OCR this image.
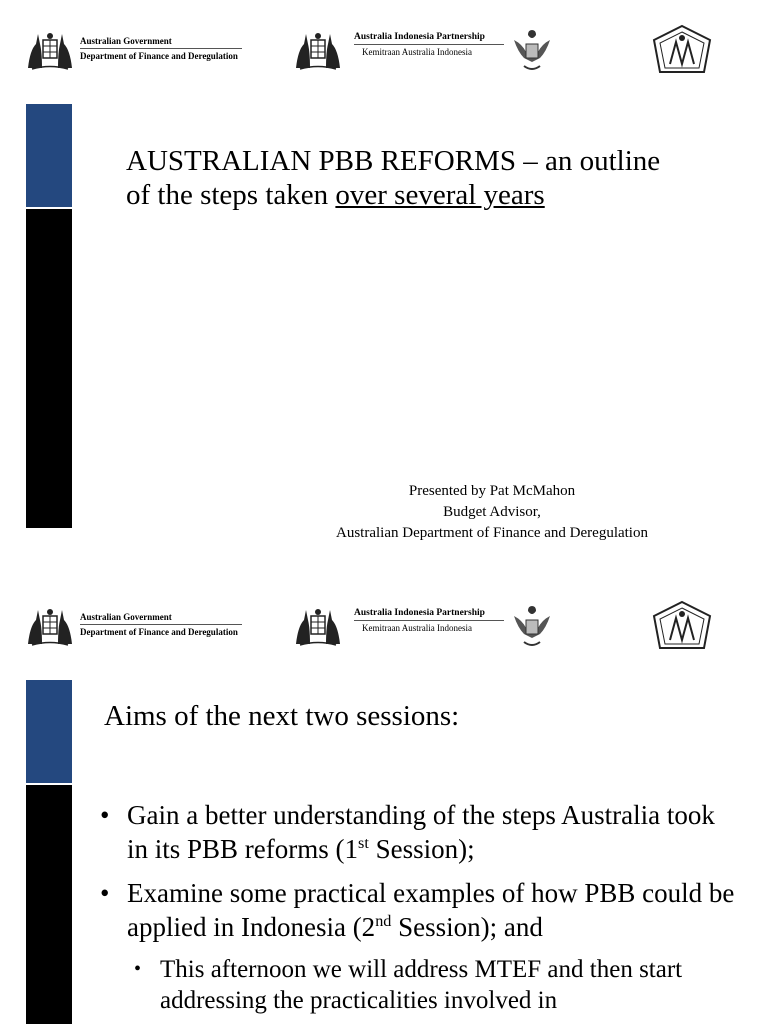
Australian Government
Department of Finance and Deregulation
Australia Indonesia Partnership
Kemitraan Australia Indonesia
AUSTRALIAN PBB REFORMS – an outline of the steps taken over several years
Presented by Pat McMahon
Budget Advisor,
Australian Department of Finance and Deregulation
Australian Government
Department of Finance and Deregulation
Australia Indonesia Partnership
Kemitraan Australia Indonesia
Aims of the next two sessions:
• Gain a better understanding of the steps Australia took in its PBB reforms (1st Session);
• Examine some practical examples of how PBB could be applied in Indonesia (2nd Session); and
• This afternoon we will address MTEF and then start addressing the practicalities involved in
